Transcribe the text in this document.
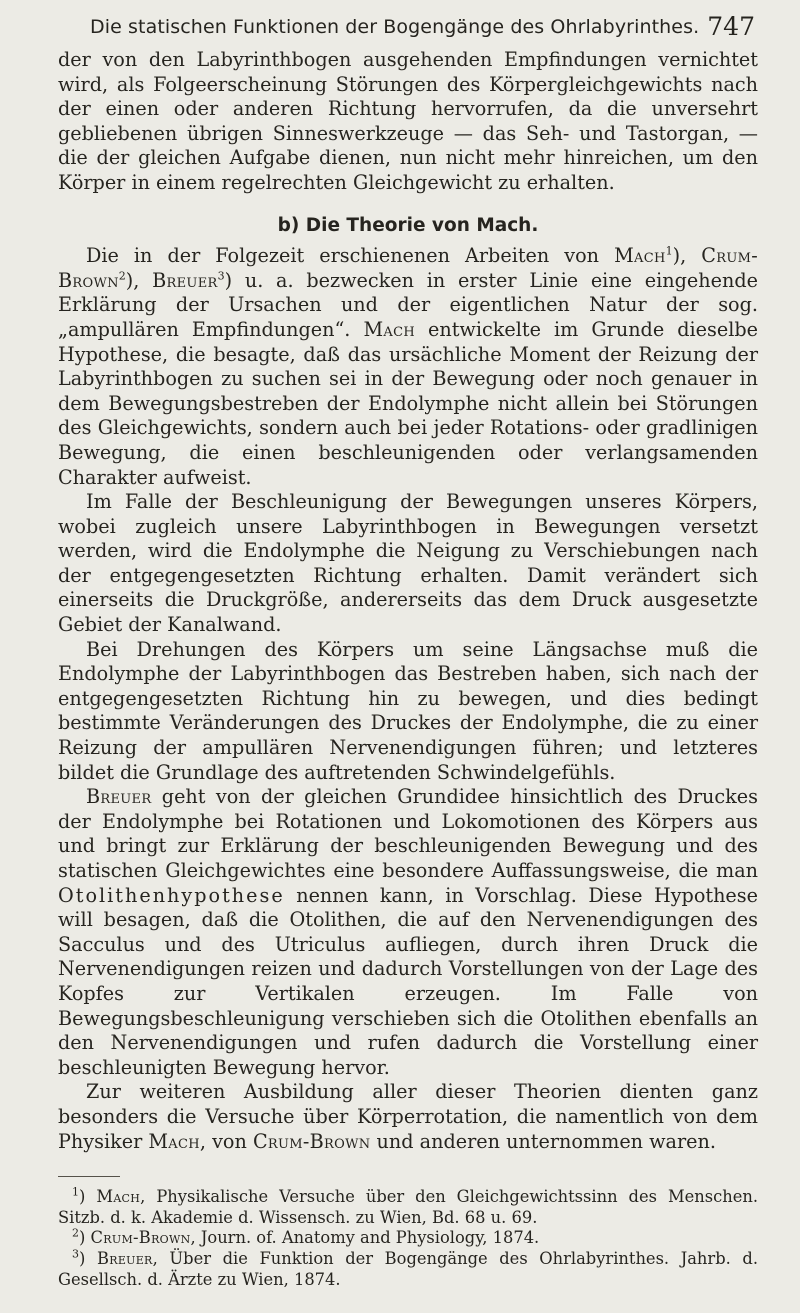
Die statischen Funktionen der Bogengänge des Ohrlabyrinthes. 747

der von den Labyrinthbogen ausgehenden Empfindungen vernichtet wird, als Folgeerscheinung Störungen des Körpergleichgewichts nach der einen oder anderen Richtung hervorrufen, da die unversehrt gebliebenen übrigen Sinneswerkzeuge — das Seh- und Tastorgan, — die der gleichen Aufgabe dienen, nun nicht mehr hinreichen, um den Körper in einem regelrechten Gleichgewicht zu erhalten.

b) Die Theorie von Mach.

Die in der Folgezeit erschienenen Arbeiten von Mach$^1$), Crum-Brown$^2$), Breuer$^3$) u. a. bezwecken in erster Linie eine eingehende Erklärung der Ursachen und der eigentlichen Natur der sog. „ampullären Empfindungen“. Mach entwickelte im Grunde dieselbe Hypothese, die besagte, daß das ursächliche Moment der Reizung der Labyrinthbogen zu suchen sei in der Bewegung oder noch genauer in dem Bewegungsbestreben der Endolymphe nicht allein bei Störungen des Gleichgewichts, sondern auch bei jeder Rotations- oder gradlinigen Bewegung, die einen beschleunigenden oder verlangsamenden Charakter aufweist.

Im Falle der Beschleunigung der Bewegungen unseres Körpers, wobei zugleich unsere Labyrinthbogen in Bewegungen versetzt werden, wird die Endolymphe die Neigung zu Verschiebungen nach der entgegengesetzten Richtung erhalten. Damit verändert sich einerseits die Druckgröße, andererseits das dem Druck ausgesetzte Gebiet der Kanalwand.

Bei Drehungen des Körpers um seine Längsachse muß die Endolymphe der Labyrinthbogen das Bestreben haben, sich nach der entgegengesetzten Richtung hin zu bewegen, und dies bedingt bestimmte Veränderungen des Druckes der Endolymphe, die zu einer Reizung der ampullären Nervenendigungen führen; und letzteres bildet die Grundlage des auftretenden Schwindelgefühls.

Breuer geht von der gleichen Grundidee hinsichtlich des Druckes der Endolymphe bei Rotationen und Lokomotionen des Körpers aus und bringt zur Erklärung der beschleunigenden Bewegung und des statischen Gleichgewichtes eine besondere Auffassungsweise, die man Otolithenhypothese nennen kann, in Vorschlag. Diese Hypothese will besagen, daß die Otolithen, die auf den Nervenendigungen des Sacculus und des Utriculus aufliegen, durch ihren Druck die Nervenendigungen reizen und dadurch Vorstellungen von der Lage des Kopfes zur Vertikalen erzeugen. Im Falle von Bewegungsbeschleunigung verschieben sich die Otolithen ebenfalls an den Nervenendigungen und rufen dadurch die Vorstellung einer beschleunigten Bewegung hervor.

Zur weiteren Ausbildung aller dieser Theorien dienten ganz besonders die Versuche über Körperrotation, die namentlich von dem Physiker Mach, von Crum-Brown und anderen unternommen waren.

$^1$) Mach, Physikalische Versuche über den Gleichgewichtssinn des Menschen. Sitzb. d. k. Akademie d. Wissensch. zu Wien, Bd. 68 u. 69.

$^2$) Crum-Brown, Journ. of. Anatomy and Physiology, 1874.

$^3$) Breuer, Über die Funktion der Bogengänge des Ohrlabyrinthes. Jahrb. d. Gesellsch. d. Ärzte zu Wien, 1874.
